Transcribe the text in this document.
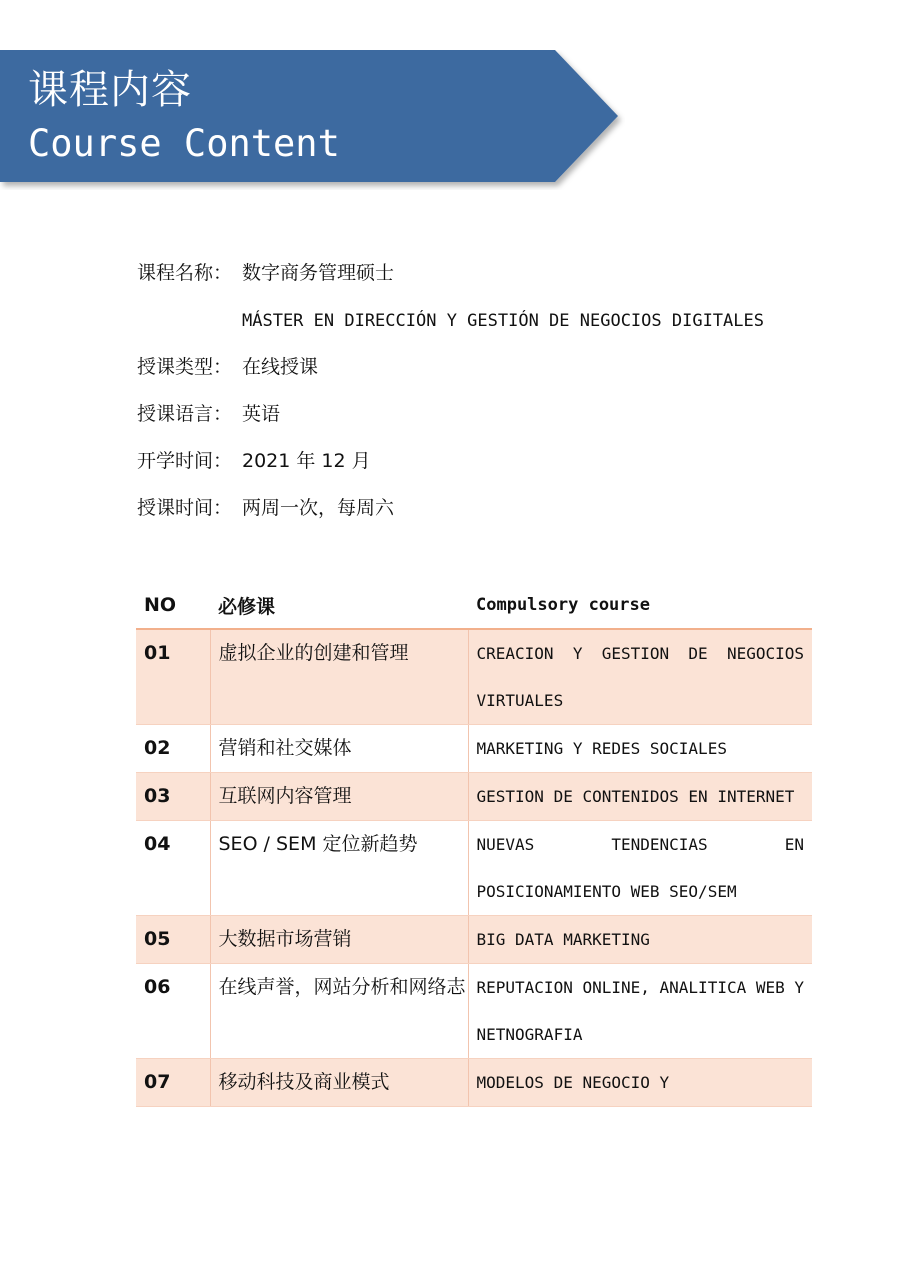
课程内容
Course Content
课程名称： 数字商务管理硕士
MÁSTER EN DIRECCIÓN Y GESTIÓN DE NEGOCIOS DIGITALES
授课类型： 在线授课
授课语言： 英语
开学时间： 2021 年 12 月
授课时间： 两周一次，每周六
NO	必修课	Compulsory course
01	虚拟企业的创建和管理	CREACION Y GESTION DE NEGOCIOS VIRTUALES
02	营销和社交媒体	MARKETING Y REDES SOCIALES
03	互联网内容管理	GESTION DE CONTENIDOS EN INTERNET
04	SEO / SEM 定位新趋势	NUEVAS TENDENCIAS EN POSICIONAMIENTO WEB SEO/SEM
05	大数据市场营销	BIG DATA MARKETING
06	在线声誉，网站分析和网络志	REPUTACION ONLINE, ANALITICA WEB Y NETNOGRAFIA
07	移动科技及商业模式	MODELOS DE NEGOCIO Y
